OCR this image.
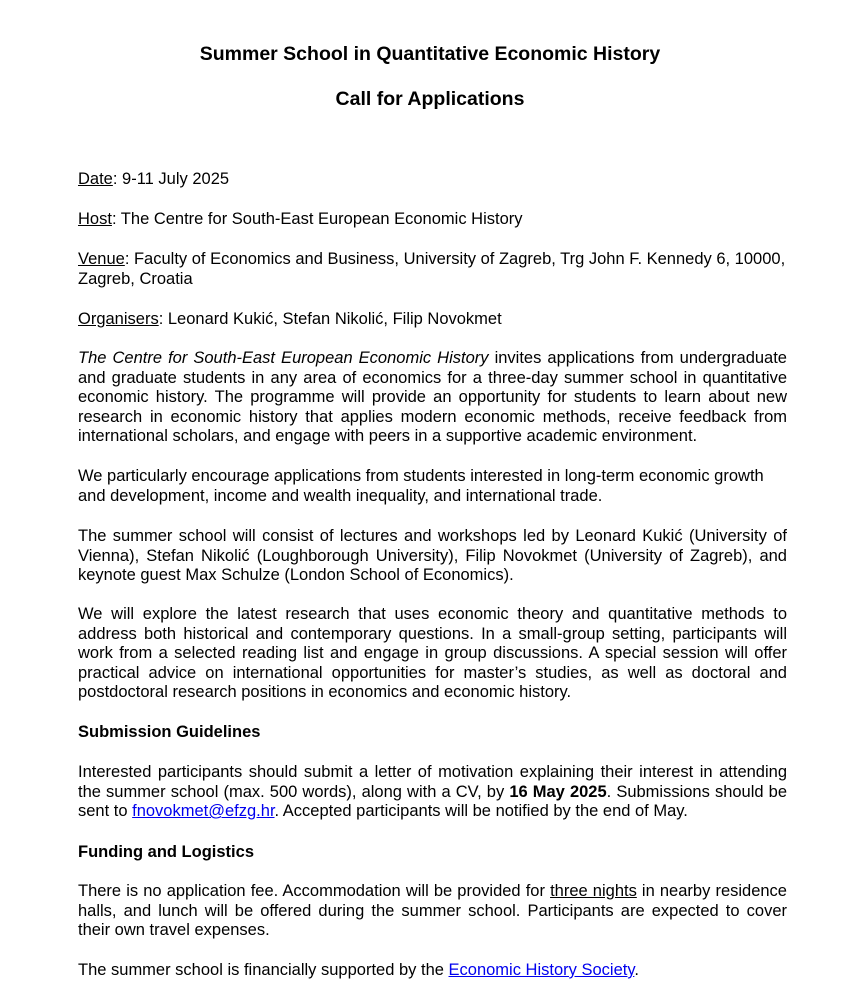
Summer School in Quantitative Economic History
Call for Applications

Date: 9-11 July 2025

Host: The Centre for South-East European Economic History

Venue: Faculty of Economics and Business, University of Zagreb, Trg John F. Kennedy 6, 10000, Zagreb, Croatia

Organisers: Leonard Kukić, Stefan Nikolić, Filip Novokmet

The Centre for South-East European Economic History invites applications from undergraduate and graduate students in any area of economics for a three-day summer school in quantitative economic history. The programme will provide an opportunity for students to learn about new research in economic history that applies modern economic methods, receive feedback from international scholars, and engage with peers in a supportive academic environment.

We particularly encourage applications from students interested in long-term economic growth and development, income and wealth inequality, and international trade.

The summer school will consist of lectures and workshops led by Leonard Kukić (University of Vienna), Stefan Nikolić (Loughborough University), Filip Novokmet (University of Zagreb), and keynote guest Max Schulze (London School of Economics).

We will explore the latest research that uses economic theory and quantitative methods to address both historical and contemporary questions. In a small-group setting, participants will work from a selected reading list and engage in group discussions. A special session will offer practical advice on international opportunities for master’s studies, as well as doctoral and postdoctoral research positions in economics and economic history.

Submission Guidelines

Interested participants should submit a letter of motivation explaining their interest in attending the summer school (max. 500 words), along with a CV, by 16 May 2025. Submissions should be sent to fnovokmet@efzg.hr. Accepted participants will be notified by the end of May.

Funding and Logistics

There is no application fee. Accommodation will be provided for three nights in nearby residence halls, and lunch will be offered during the summer school. Participants are expected to cover their own travel expenses.

The summer school is financially supported by the Economic History Society.
